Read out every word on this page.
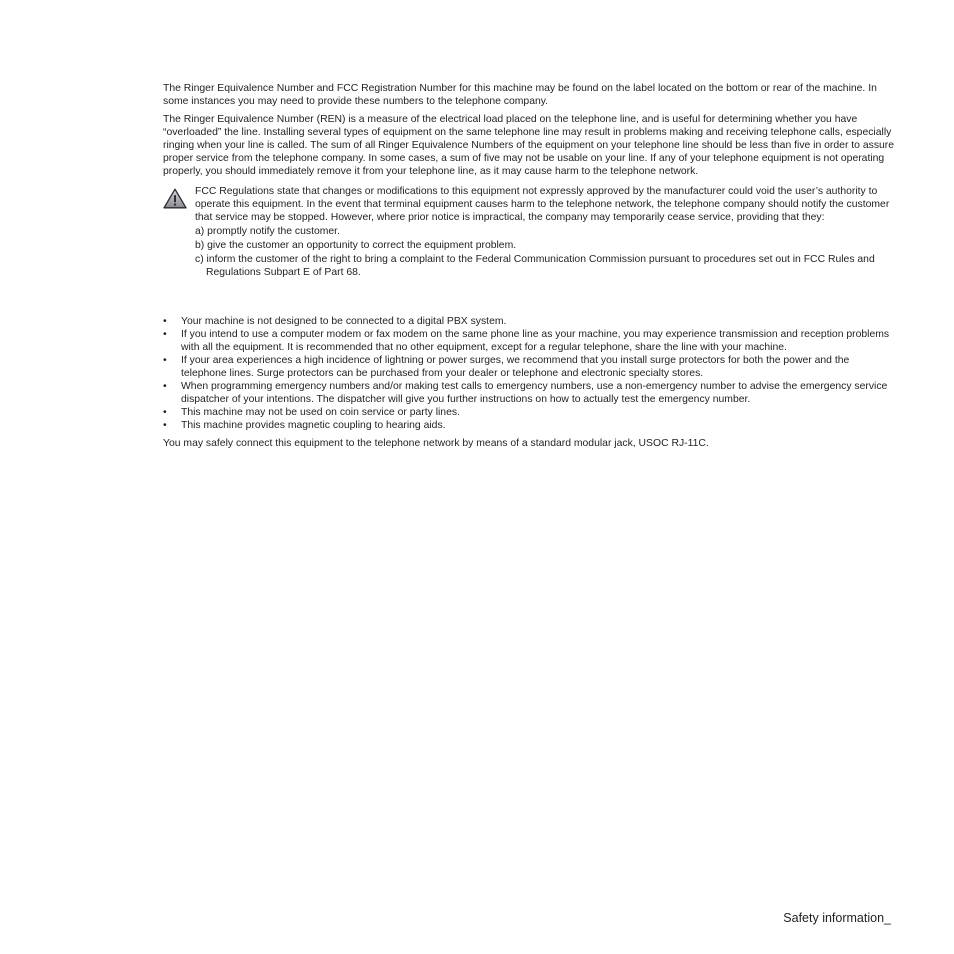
The Ringer Equivalence Number and FCC Registration Number for this machine may be found on the label located on the bottom or rear of the machine. In some instances you may need to provide these numbers to the telephone company.

The Ringer Equivalence Number (REN) is a measure of the electrical load placed on the telephone line, and is useful for determining whether you have “overloaded” the line. Installing several types of equipment on the same telephone line may result in problems making and receiving telephone calls, especially ringing when your line is called. The sum of all Ringer Equivalence Numbers of the equipment on your telephone line should be less than five in order to assure proper service from the telephone company. In some cases, a sum of five may not be usable on your line. If any of your telephone equipment is not operating properly, you should immediately remove it from your telephone line, as it may cause harm to the telephone network.

FCC Regulations state that changes or modifications to this equipment not expressly approved by the manufacturer could void the user’s authority to operate this equipment. In the event that terminal equipment causes harm to the telephone network, the telephone company should notify the customer that service may be stopped. However, where prior notice is impractical, the company may temporarily cease service, providing that they:

a) promptly notify the customer.

b) give the customer an opportunity to correct the equipment problem.

c) inform the customer of the right to bring a complaint to the Federal Communication Commission pursuant to procedures set out in FCC Rules and Regulations Subpart E of Part 68.

• Your machine is not designed to be connected to a digital PBX system.
• If you intend to use a computer modem or fax modem on the same phone line as your machine, you may experience transmission and reception problems with all the equipment. It is recommended that no other equipment, except for a regular telephone, share the line with your machine.
• If your area experiences a high incidence of lightning or power surges, we recommend that you install surge protectors for both the power and the telephone lines. Surge protectors can be purchased from your dealer or telephone and electronic specialty stores.
• When programming emergency numbers and/or making test calls to emergency numbers, use a non-emergency number to advise the emergency service dispatcher of your intentions. The dispatcher will give you further instructions on how to actually test the emergency number.
• This machine may not be used on coin service or party lines.
• This machine provides magnetic coupling to hearing aids.

You may safely connect this equipment to the telephone network by means of a standard modular jack, USOC RJ-11C.

Safety information_
